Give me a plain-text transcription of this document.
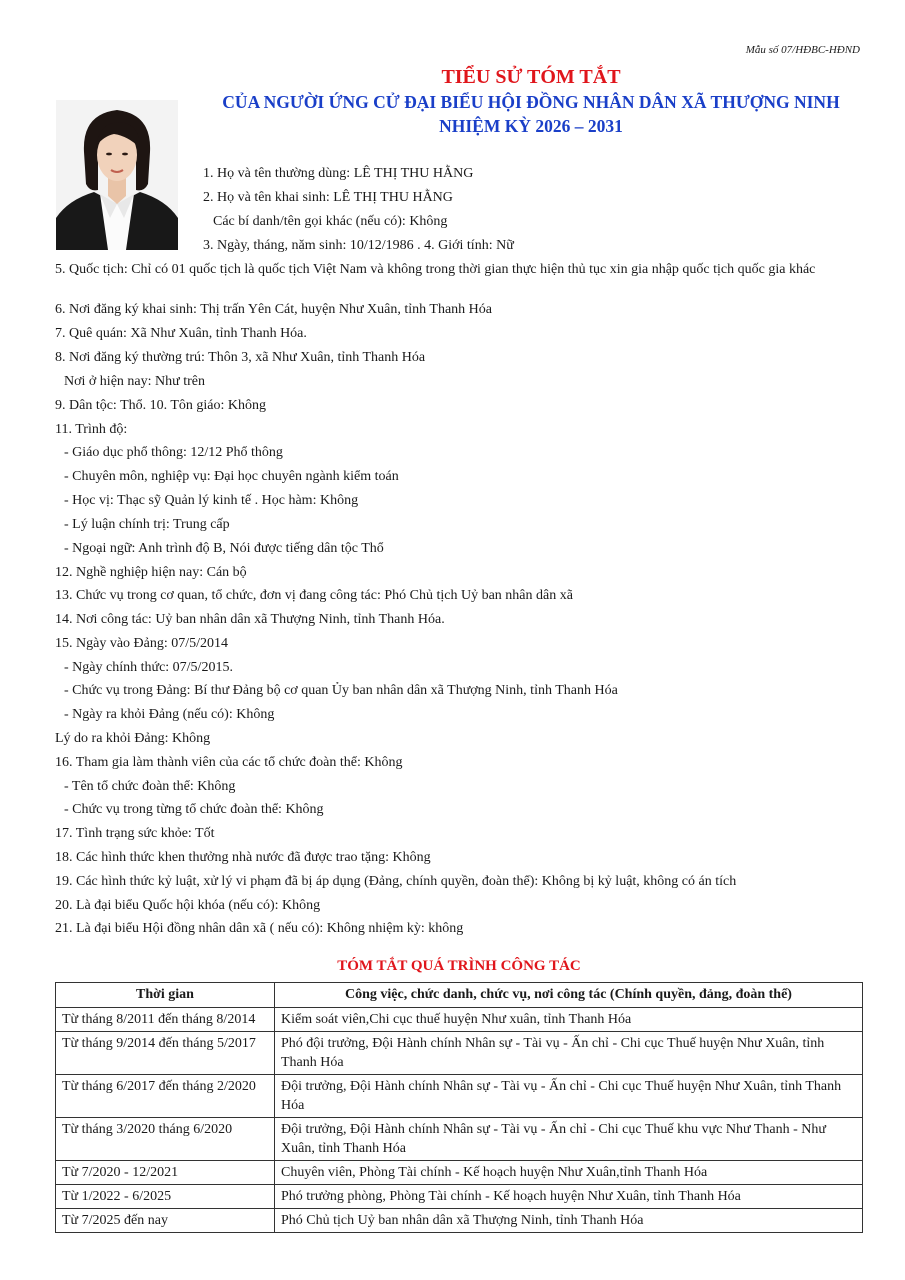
Mẫu số 07/HĐBC-HĐND
TIỂU SỬ TÓM TẮT
CỦA NGƯỜI ỨNG CỬ ĐẠI BIỂU HỘI ĐỒNG NHÂN DÂN XÃ THƯỢNG NINH
NHIỆM KỲ 2026 – 2031
1. Họ và tên thường dùng: LÊ THỊ THU HẰNG
2. Họ và tên khai sinh: LÊ THỊ THU HẰNG
Các bí danh/tên gọi khác (nếu có): Không
3. Ngày, tháng, năm sinh: 10/12/1986 . 4. Giới tính: Nữ
5. Quốc tịch: Chỉ có 01 quốc tịch là quốc tịch Việt Nam và không trong thời gian thực hiện thủ tục xin gia nhập quốc tịch quốc gia khác
6. Nơi đăng ký khai sinh: Thị trấn Yên Cát, huyện Như Xuân, tỉnh Thanh Hóa
7. Quê quán: Xã Như Xuân, tỉnh Thanh Hóa.
8. Nơi đăng ký thường trú: Thôn 3, xã Như Xuân, tỉnh Thanh Hóa
Nơi ở hiện nay: Như trên
9. Dân tộc: Thổ. 10. Tôn giáo: Không
11. Trình độ:
- Giáo dục phổ thông: 12/12 Phổ thông
- Chuyên môn, nghiệp vụ: Đại học chuyên ngành kiểm toán
- Học vị: Thạc sỹ Quản lý kinh tế . Học hàm: Không
- Lý luận chính trị: Trung cấp
- Ngoại ngữ: Anh trình độ B, Nói được tiếng dân tộc Thổ
12. Nghề nghiệp hiện nay: Cán bộ
13. Chức vụ trong cơ quan, tổ chức, đơn vị đang công tác: Phó Chủ tịch Uỷ ban nhân dân xã
14. Nơi công tác: Uỷ ban nhân dân xã Thượng Ninh, tỉnh Thanh Hóa.
15. Ngày vào Đảng: 07/5/2014
- Ngày chính thức: 07/5/2015.
- Chức vụ trong Đảng: Bí thư Đảng bộ cơ quan Ủy ban nhân dân xã Thượng Ninh, tỉnh Thanh Hóa
- Ngày ra khỏi Đảng (nếu có): Không
Lý do ra khỏi Đảng: Không
16. Tham gia làm thành viên của các tổ chức đoàn thể: Không
- Tên tổ chức đoàn thể: Không
- Chức vụ trong từng tổ chức đoàn thể: Không
17. Tình trạng sức khỏe: Tốt
18. Các hình thức khen thưởng nhà nước đã được trao tặng: Không
19. Các hình thức kỷ luật, xử lý vi phạm đã bị áp dụng (Đảng, chính quyền, đoàn thể): Không bị kỷ luật, không có án tích
20. Là đại biểu Quốc hội khóa (nếu có): Không
21. Là đại biểu Hội đồng nhân dân xã ( nếu có): Không nhiệm kỳ: không
TÓM TẮT QUÁ TRÌNH CÔNG TÁC
Thời gian	Công việc, chức danh, chức vụ, nơi công tác (Chính quyền, đảng, đoàn thể)
Từ tháng 8/2011 đến tháng 8/2014	Kiểm soát viên,Chi cục thuế huyện Như xuân, tỉnh Thanh Hóa
Từ tháng 9/2014 đến tháng 5/2017	Phó đội trưởng, Đội Hành chính Nhân sự - Tài vụ - Ấn chỉ - Chi cục Thuế huyện Như Xuân, tỉnh Thanh Hóa
Từ tháng 6/2017 đến tháng 2/2020	Đội trưởng, Đội Hành chính Nhân sự - Tài vụ - Ấn chỉ - Chi cục Thuế huyện Như Xuân, tỉnh Thanh Hóa
Từ tháng 3/2020 tháng 6/2020	Đội trưởng, Đội Hành chính Nhân sự - Tài vụ - Ấn chỉ - Chi cục Thuế khu vực Như Thanh - Như Xuân, tỉnh Thanh Hóa
Từ 7/2020 - 12/2021	Chuyên viên, Phòng Tài chính - Kế hoạch huyện Như Xuân,tỉnh Thanh Hóa
Từ 1/2022 - 6/2025	Phó trưởng phòng, Phòng Tài chính - Kế hoạch huyện Như Xuân, tỉnh Thanh Hóa
Từ 7/2025 đến nay	Phó Chủ tịch Uỷ ban nhân dân xã Thượng Ninh, tỉnh Thanh Hóa
